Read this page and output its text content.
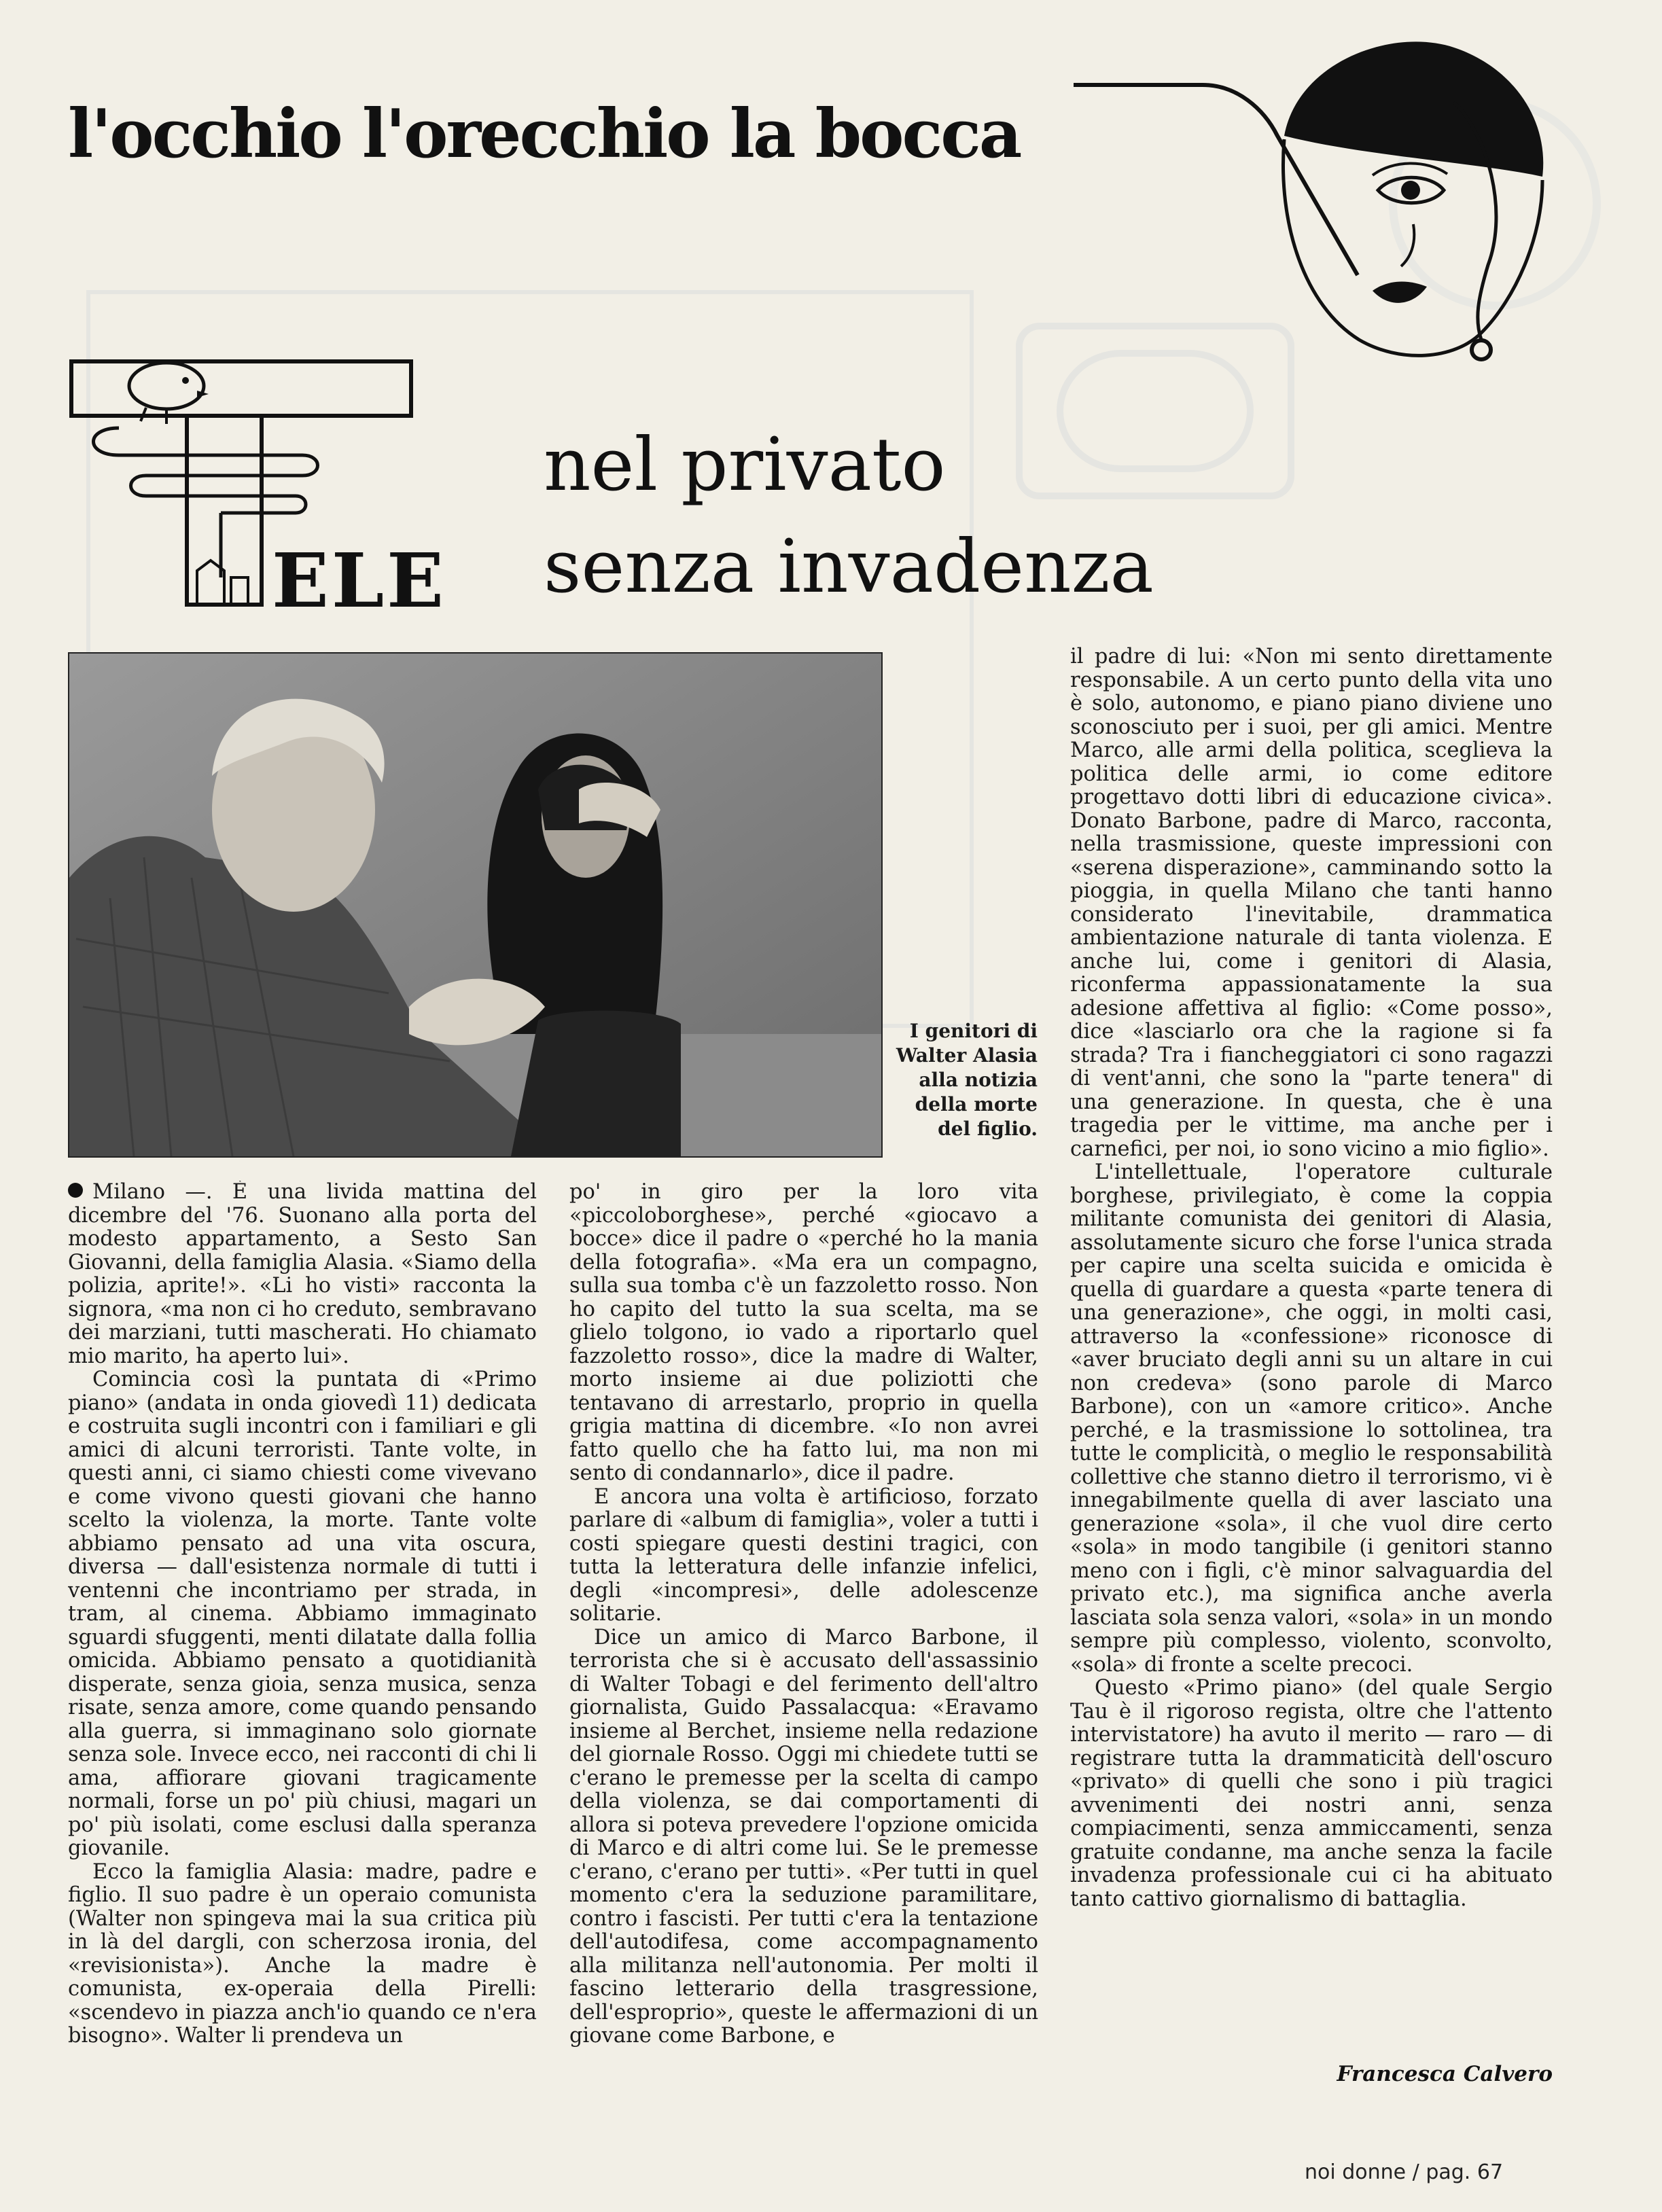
l'occhio l'orecchio la bocca
ELE
nel privato
senza invadenza

I genitori di Walter Alasia alla notizia della morte del figlio.

Milano —. È una livida mattina del dicembre del '76. Suonano alla porta del modesto appartamento, a Sesto San Giovanni, della famiglia Alasia. «Siamo della polizia, aprite!». «Li ho visti» racconta la signora, «ma non ci ho creduto, sembravano dei marziani, tutti mascherati. Ho chiamato mio marito, ha aperto lui».

Comincia così la puntata di «Primo piano» (andata in onda giovedì 11) dedicata e costruita sugli incontri con i familiari e gli amici di alcuni terroristi. Tante volte, in questi anni, ci siamo chiesti come vivevano e come vivono questi giovani che hanno scelto la violenza, la morte. Tante volte abbiamo pensato ad una vita oscura, diversa — dall'esistenza normale di tutti i ventenni che incontriamo per strada, in tram, al cinema. Abbiamo immaginato sguardi sfuggenti, menti dilatate dalla follia omicida. Abbiamo pensato a quotidianità disperate, senza gioia, senza musica, senza risate, senza amore, come quando pensando alla guerra, si immaginano solo giornate senza sole. Invece ecco, nei racconti di chi li ama, affiorare giovani tragicamente normali, forse un po' più chiusi, magari un po' più isolati, come esclusi dalla speranza giovanile.

Ecco la famiglia Alasia: madre, padre e figlio. Il suo padre è un operaio comunista (Walter non spingeva mai la sua critica più in là del dargli, con scherzosa ironia, del «revisionista»). Anche la madre è comunista, ex-operaia della Pirelli: «scendevo in piazza anch'io quando ce n'era bisogno». Walter li prendeva un

po' in giro per la loro vita «piccoloborghese», perché «giocavo a bocce» dice il padre o «perché ho la mania della fotografia». «Ma era un compagno, sulla sua tomba c'è un fazzoletto rosso. Non ho capito del tutto la sua scelta, ma se glielo tolgono, io vado a riportarlo quel fazzoletto rosso», dice la madre di Walter, morto insieme ai due poliziotti che tentavano di arrestarlo, proprio in quella grigia mattina di dicembre. «Io non avrei fatto quello che ha fatto lui, ma non mi sento di condannarlo», dice il padre.

E ancora una volta è artificioso, forzato parlare di «album di famiglia», voler a tutti i costi spiegare questi destini tragici, con tutta la letteratura delle infanzie infelici, degli «incompresi», delle adolescenze solitarie.

Dice un amico di Marco Barbone, il terrorista che si è accusato dell'assassinio di Walter Tobagi e del ferimento dell'altro giornalista, Guido Passalacqua: «Eravamo insieme al Berchet, insieme nella redazione del giornale Rosso. Oggi mi chiedete tutti se c'erano le premesse per la scelta di campo della violenza, se dai comportamenti di allora si poteva prevedere l'opzione omicida di Marco e di altri come lui. Se le premesse c'erano, c'erano per tutti». «Per tutti in quel momento c'era la seduzione paramilitare, contro i fascisti. Per tutti c'era la tentazione dell'autodifesa, come accompagnamento alla militanza nell'autonomia. Per molti il fascino letterario della trasgressione, dell'esproprio», queste le affermazioni di un giovane come Barbone, e

il padre di lui: «Non mi sento direttamente responsabile. A un certo punto della vita uno è solo, autonomo, e piano piano diviene uno sconosciuto per i suoi, per gli amici. Mentre Marco, alle armi della politica, sceglieva la politica delle armi, io come editore progettavo dotti libri di educazione civica». Donato Barbone, padre di Marco, racconta, nella trasmissione, queste impressioni con «serena disperazione», camminando sotto la pioggia, in quella Milano che tanti hanno considerato l'inevitabile, drammatica ambientazione naturale di tanta violenza. E anche lui, come i genitori di Alasia, riconferma appassionatamente la sua adesione affettiva al figlio: «Come posso», dice «lasciarlo ora che la ragione si fa strada? Tra i fiancheggiatori ci sono ragazzi di vent'anni, che sono la "parte tenera" di una generazione. In questa, che è una tragedia per le vittime, ma anche per i carnefici, per noi, io sono vicino a mio figlio».

L'intellettuale, l'operatore culturale borghese, privilegiato, è come la coppia militante comunista dei genitori di Alasia, assolutamente sicuro che forse l'unica strada per capire una scelta suicida e omicida è quella di guardare a questa «parte tenera di una generazione», che oggi, in molti casi, attraverso la «confessione» riconosce di «aver bruciato degli anni su un altare in cui non credeva» (sono parole di Marco Barbone), con un «amore critico». Anche perché, e la trasmissione lo sottolinea, tra tutte le complicità, o meglio le responsabilità collettive che stanno dietro il terrorismo, vi è innegabilmente quella di aver lasciato una generazione «sola», il che vuol dire certo «sola» in modo tangibile (i genitori stanno meno con i figli, c'è minor salvaguardia del privato etc.), ma significa anche averla lasciata sola senza valori, «sola» in un mondo sempre più complesso, violento, sconvolto, «sola» di fronte a scelte precoci.

Questo «Primo piano» (del quale Sergio Tau è il rigoroso regista, oltre che l'attento intervistatore) ha avuto il merito — raro — di registrare tutta la drammaticità dell'oscuro «privato» di quelli che sono i più tragici avvenimenti dei nostri anni, senza compiacimenti, senza ammiccamenti, senza gratuite condanne, ma anche senza la facile invadenza professionale cui ci ha abituato tanto cattivo giornalismo di battaglia.

Francesca Calvero

noi donne / pag. 67
